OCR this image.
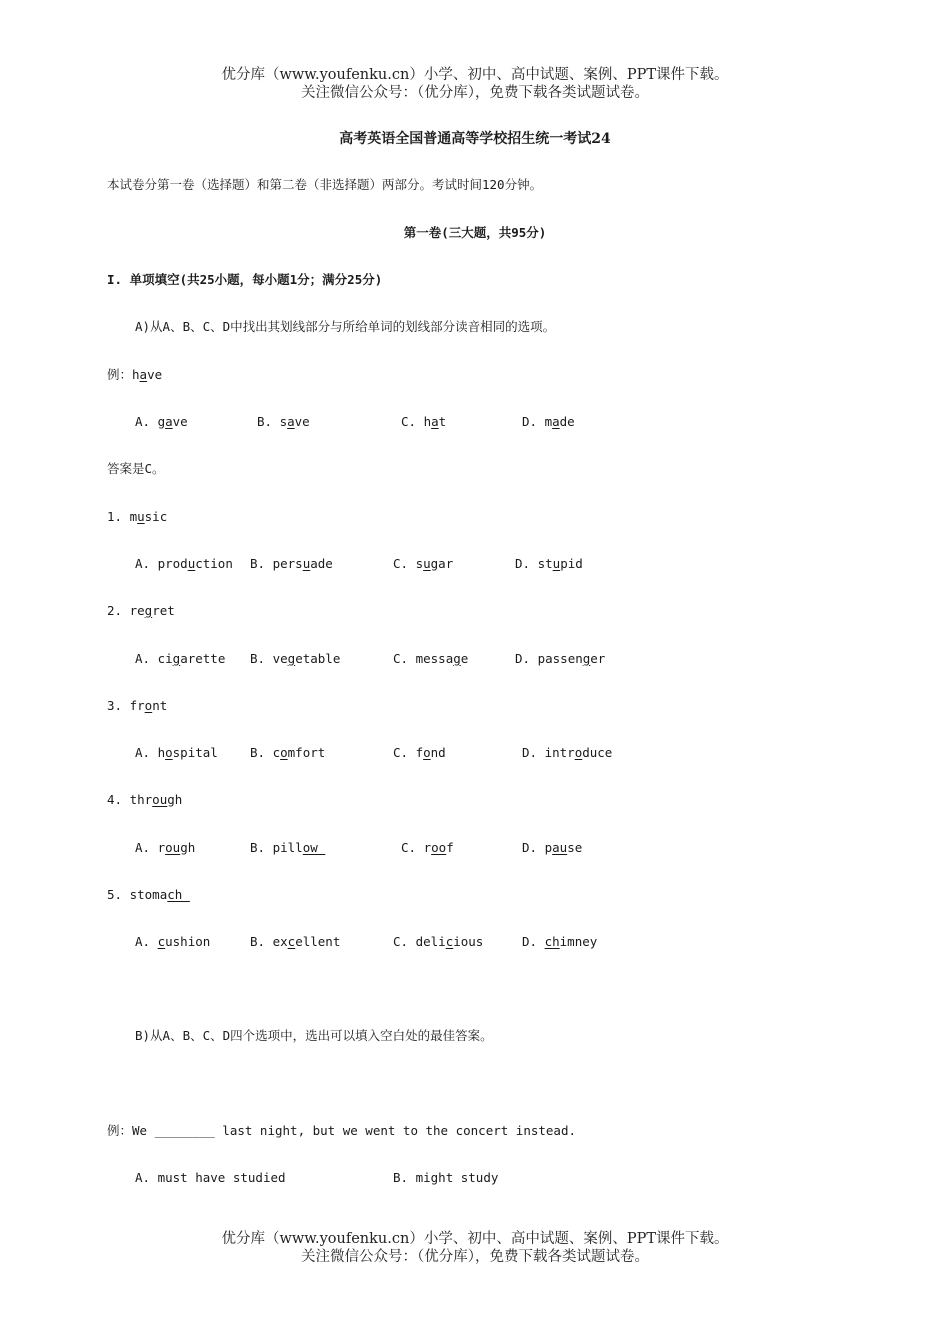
优分库（www.youfenku.cn）小学、初中、高中试题、案例、PPT课件下载。
关注微信公众号：（优分库），免费下载各类试题试卷。
高考英语全国普通高等学校招生统一考试24
本试卷分第一卷（选择题）和第二卷（非选择题）两部分。考试时间120分钟。
第一卷(三大题，共95分)
I. 单项填空(共25小题，每小题1分；满分25分)
A)从A、B、C、D中找出其划线部分与所给单词的划线部分读音相同的选项。
例：have
A. gave	B. save	C. hat	D. made
答案是C。
1. music
A. production B. persuade	C. sugar	D. stupid
2. regret
A. cigarette B. vegetable	C. message	D. passenger
3. front
A. hospital	B. comfort	C. fond	D. introduce
4. through
A. rough	B. pillow	C. roof	D. pause
5. stomach
A. cushion	B. excellent	C. delicious	D. chimney
B)从A、B、C、D四个选项中，选出可以填入空白处的最佳答案。
例：We ________ last night, but we went to the concert instead.
A. must have studied	B. might study
优分库（www.youfenku.cn）小学、初中、高中试题、案例、PPT课件下载。
关注微信公众号：（优分库），免费下载各类试题试卷。
